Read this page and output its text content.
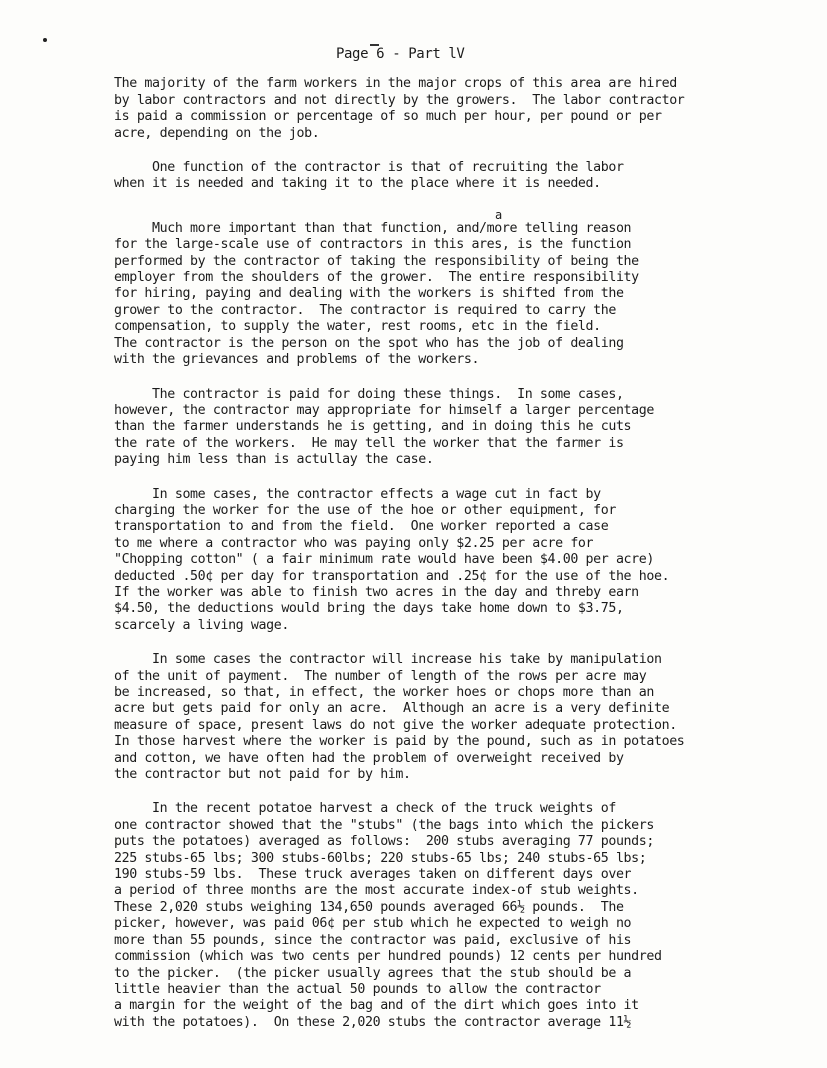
Page 6 - Part lV
The majority of the farm workers in the major crops of this area are hired
by labor contractors and not directly by the growers.  The labor contractor
is paid a commission or percentage of so much per hour, per pound or per
acre, depending on the job.
One function of the contractor is that of recruiting the labor
when it is needed and taking it to the place where it is needed.
a
Much more important than that function, and/more telling reason
for the large-scale use of contractors in this ares, is the function
performed by the contractor of taking the responsibility of being the
employer from the shoulders of the grower.  The entire responsibility
for hiring, paying and dealing with the workers is shifted from the
grower to the contractor.  The contractor is required to carry the
compensation, to supply the water, rest rooms, etc in the field.
The contractor is the person on the spot who has the job of dealing
with the grievances and problems of the workers.
The contractor is paid for doing these things.  In some cases,
however, the contractor may appropriate for himself a larger percentage
than the farmer understands he is getting, and in doing this he cuts
the rate of the workers.  He may tell the worker that the farmer is
paying him less than is actullay the case.
In some cases, the contractor effects a wage cut in fact by
charging the worker for the use of the hoe or other equipment, for
transportation to and from the field.  One worker reported a case
to me where a contractor who was paying only $2.25 per acre for
"Chopping cotton" ( a fair minimum rate would have been $4.00 per acre)
deducted .50¢ per day for transportation and .25¢ for the use of the hoe.
If the worker was able to finish two acres in the day and threby earn
$4.50, the deductions would bring the days take home down to $3.75,
scarcely a living wage.
In some cases the contractor will increase his take by manipulation
of the unit of payment.  The number of length of the rows per acre may
be increased, so that, in effect, the worker hoes or chops more than an
acre but gets paid for only an acre.  Although an acre is a very definite
measure of space, present laws do not give the worker adequate protection.
In those harvest where the worker is paid by the pound, such as in potatoes
and cotton, we have often had the problem of overweight received by
the contractor but not paid for by him.
In the recent potatoe harvest a check of the truck weights of
one contractor showed that the "stubs" (the bags into which the pickers
puts the potatoes) averaged as follows:  200 stubs averaging 77 pounds;
225 stubs-65 lbs; 300 stubs-60lbs; 220 stubs-65 lbs; 240 stubs-65 lbs;
190 stubs-59 lbs.  These truck averages taken on different days over
a period of three months are the most accurate index-of stub weights.
These 2,020 stubs weighing 134,650 pounds averaged 66½ pounds.  The
picker, however, was paid 06¢ per stub which he expected to weigh no
more than 55 pounds, since the contractor was paid, exclusive of his
commission (which was two cents per hundred pounds) 12 cents per hundred
to the picker.  (the picker usually agrees that the stub should be a
little heavier than the actual 50 pounds to allow the contractor
a margin for the weight of the bag and of the dirt which goes into it
with the potatoes).  On these 2,020 stubs the contractor average 11½
